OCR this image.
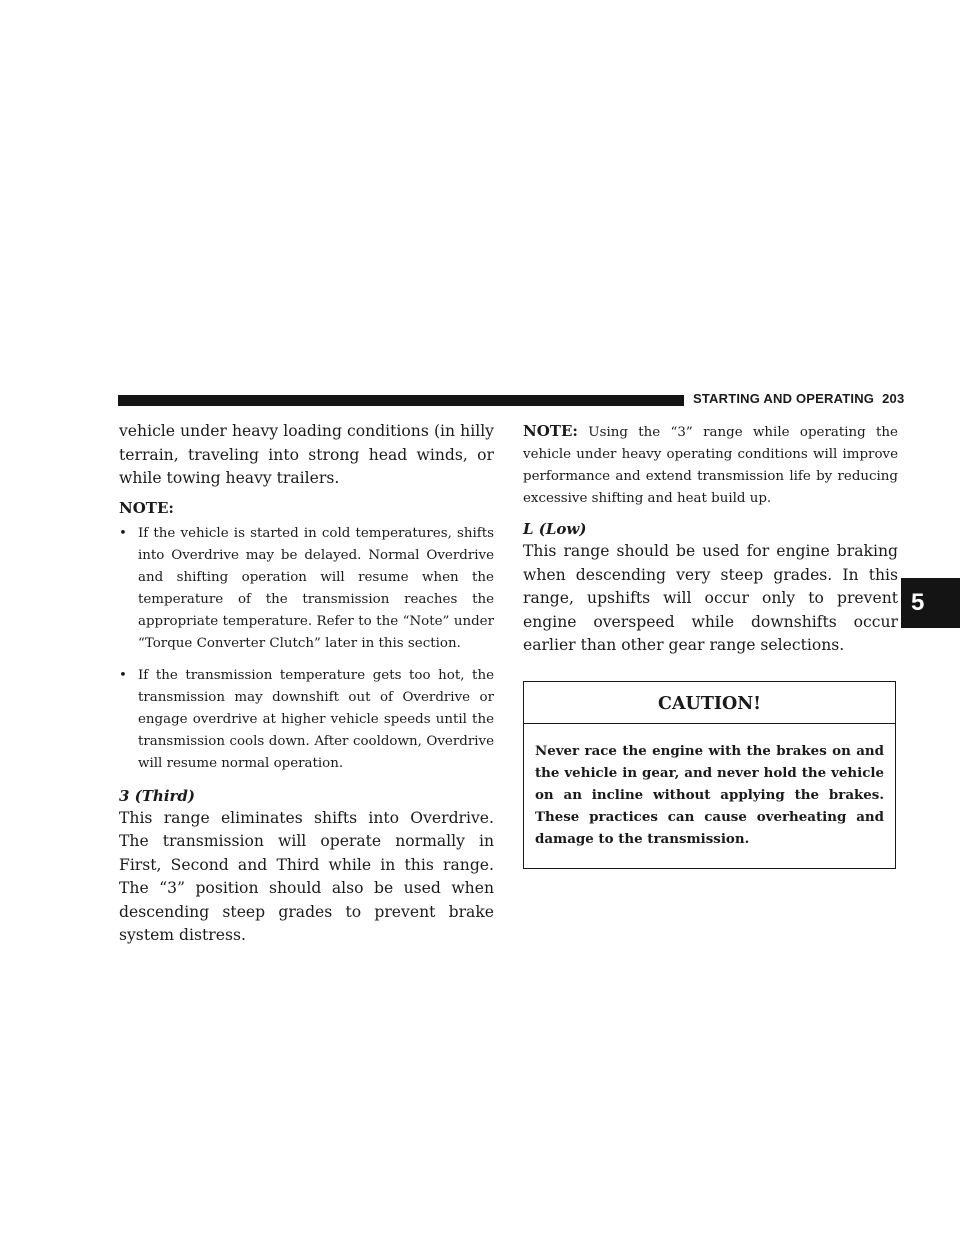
STARTING AND OPERATING 203
5

vehicle under heavy loading conditions (in hilly terrain, traveling into strong head winds, or while towing heavy trailers.

NOTE:

• If the vehicle is started in cold temperatures, shifts into Overdrive may be delayed. Normal Overdrive and shifting operation will resume when the temperature of the transmission reaches the appropriate temperature. Refer to the “Note” under “Torque Converter Clutch” later in this section.
• If the transmission temperature gets too hot, the transmission may downshift out of Overdrive or engage overdrive at higher vehicle speeds until the transmission cools down. After cooldown, Overdrive will resume normal operation.

3 (Third)

This range eliminates shifts into Overdrive. The transmission will operate normally in First, Second and Third while in this range. The “3” position should also be used when descending steep grades to prevent brake system distress.

NOTE: Using the “3” range while operating the vehicle under heavy operating conditions will improve performance and extend transmission life by reducing excessive shifting and heat build up.

L (Low)

This range should be used for engine braking when descending very steep grades. In this range, upshifts will occur only to prevent engine overspeed while downshifts occur earlier than other gear range selections.

CAUTION!

Never race the engine with the brakes on and the vehicle in gear, and never hold the vehicle on an incline without applying the brakes. These practices can cause overheating and damage to the transmission.
